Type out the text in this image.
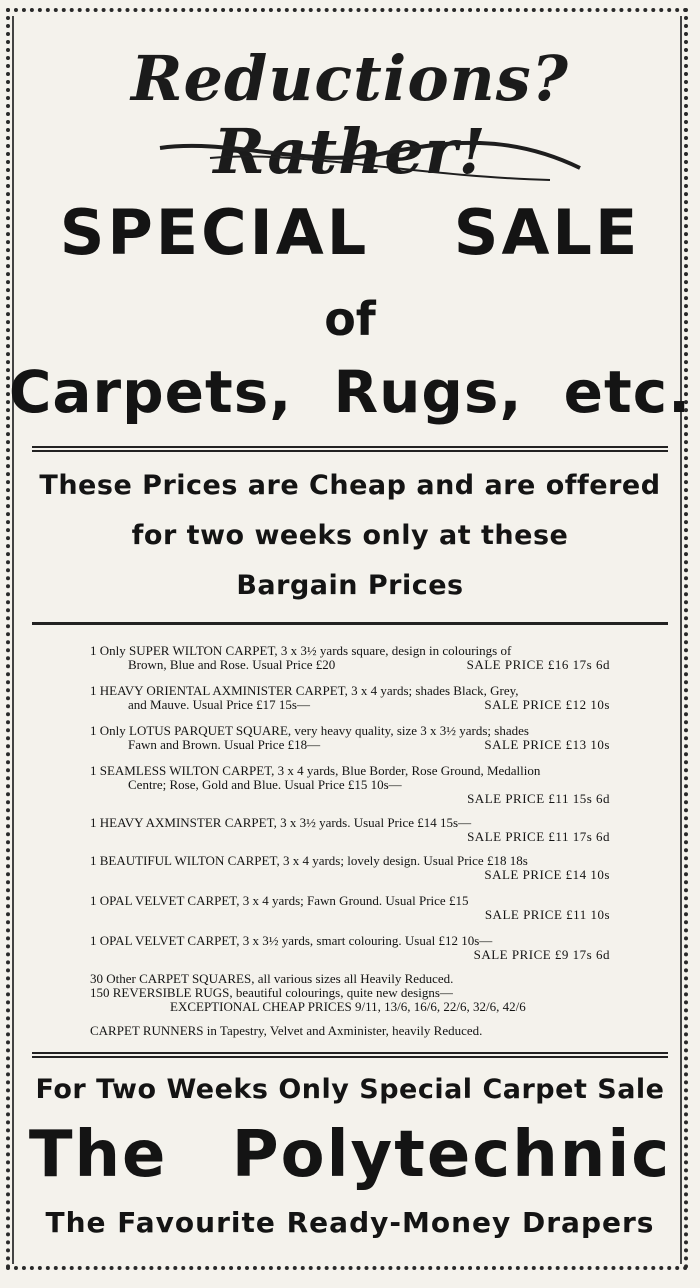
Reductions? Rather!
SPECIAL SALE
of
Carpets, Rugs, etc.
These Prices are Cheap and are offered
for two weeks only at these
Bargain Prices
1 Only SUPER WILTON CARPET, 3 x 3½ yards square, design in colourings of
Brown, Blue and Rose. Usual Price £20	SALE PRICE £16 17s 6d
1 HEAVY ORIENTAL AXMINISTER CARPET, 3 x 4 yards; shades Black, Grey,
and Mauve. Usual Price £17 15s—	SALE PRICE £12 10s
1 Only LOTUS PARQUET SQUARE, very heavy quality, size 3 x 3½ yards; shades
Fawn and Brown. Usual Price £18—	SALE PRICE £13 10s
1 SEAMLESS WILTON CARPET, 3 x 4 yards, Blue Border, Rose Ground, Medallion
Centre; Rose, Gold and Blue. Usual Price £15 10s—
SALE PRICE £11 15s 6d
1 HEAVY AXMINSTER CARPET, 3 x 3½ yards. Usual Price £14 15s—
SALE PRICE £11 17s 6d
1 BEAUTIFUL WILTON CARPET, 3 x 4 yards; lovely design. Usual Price £18 18s
SALE PRICE £14 10s
1 OPAL VELVET CARPET, 3 x 4 yards; Fawn Ground. Usual Price £15
SALE PRICE £11 10s
1 OPAL VELVET CARPET, 3 x 3½ yards, smart colouring. Usual £12 10s—
SALE PRICE £9 17s 6d
30 Other CARPET SQUARES, all various sizes all Heavily Reduced.
150 REVERSIBLE RUGS, beautiful colourings, quite new designs—
EXCEPTIONAL CHEAP PRICES 9/11, 13/6, 16/6, 22/6, 32/6, 42/6
CARPET RUNNERS in Tapestry, Velvet and Axminister, heavily Reduced.
For Two Weeks Only Special Carpet Sale
The Polytechnic
The Favourite Ready-Money Drapers
